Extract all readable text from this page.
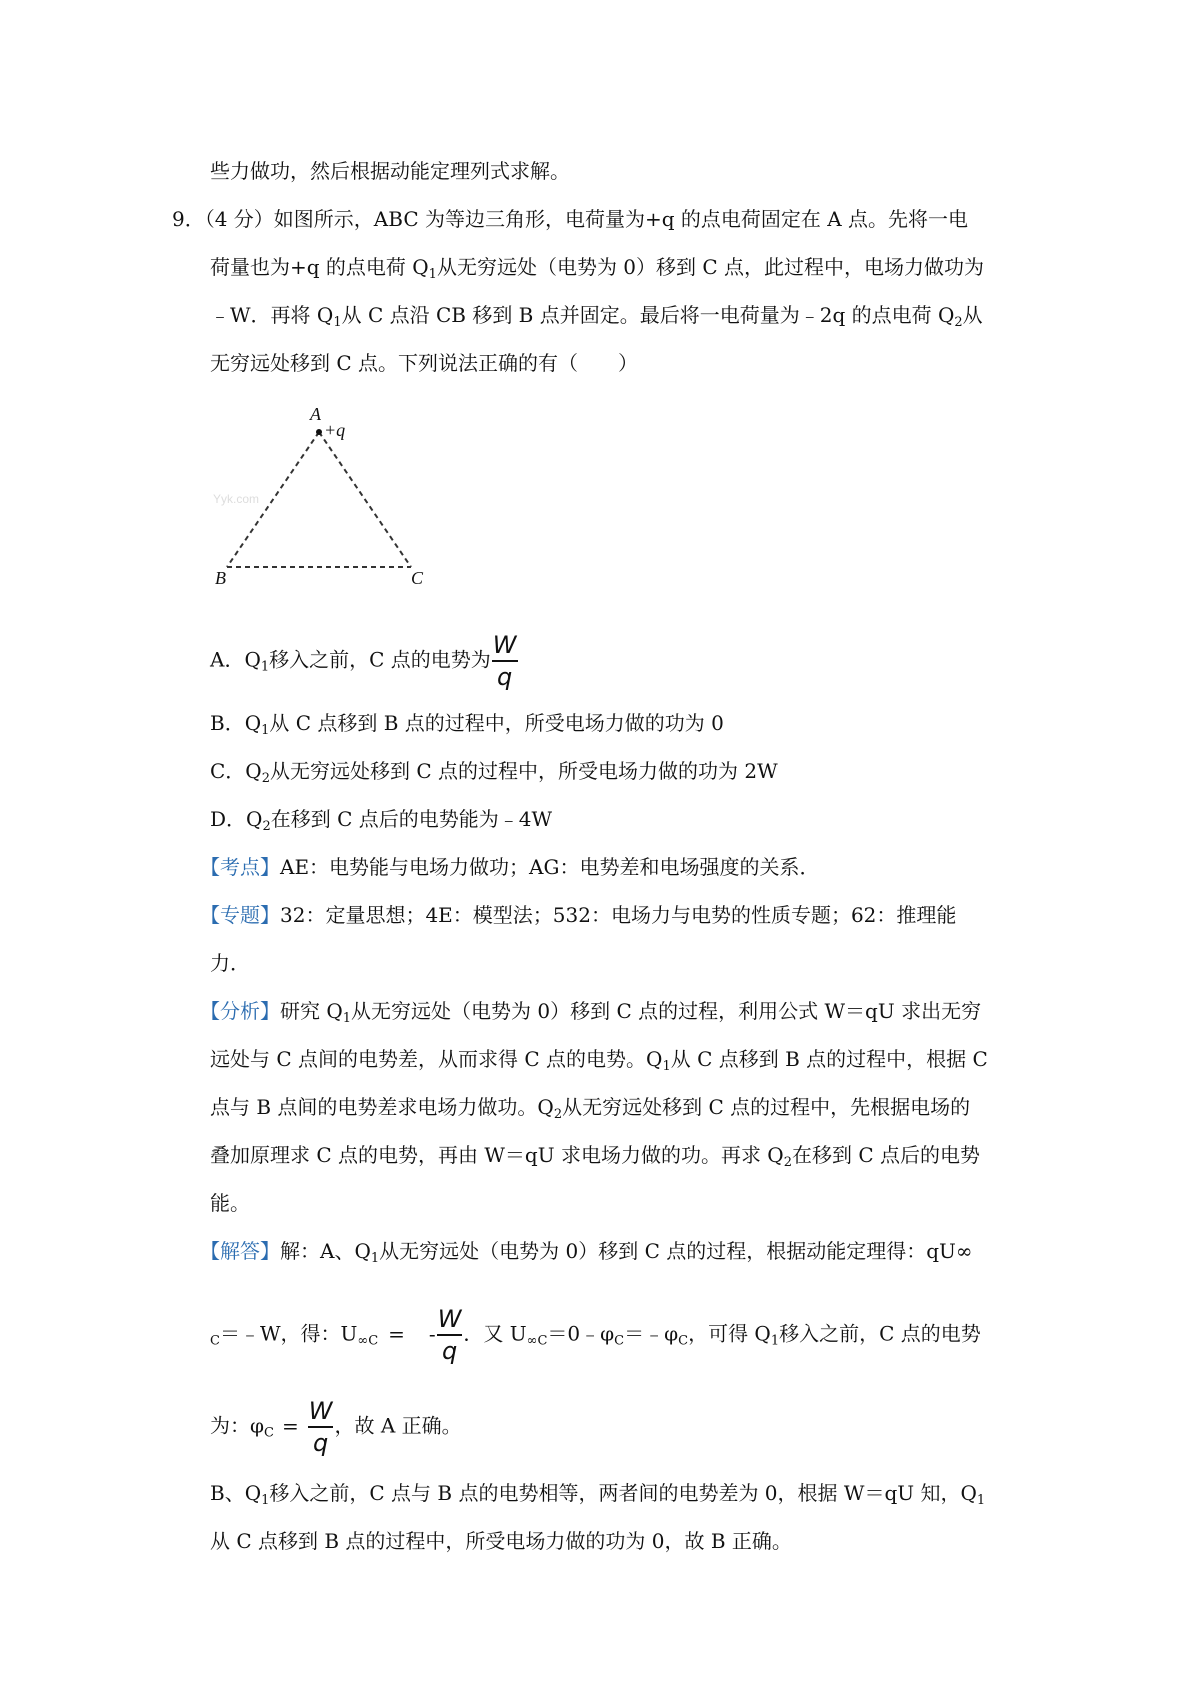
些力做功，然后根据动能定理列式求解。
9．（4 分）如图所示，ABC 为等边三角形，电荷量为+q 的点电荷固定在 A 点。先将一电
荷量也为+q 的点电荷 $Q_1$从无穷远处（电势为 0）移到 C 点，此过程中，电场力做功为
﹣W．再将 $Q_1$从 C 点沿 CB 移到 B 点并固定。最后将一电荷量为﹣2q 的点电荷 $Q_2$从
无穷远处移到 C 点。下列说法正确的有（　　）
A
+q
B	C
Yyk.com
A．$Q_1$移入之前，C 点的电势为 $\frac{W}{q}$
B．$Q_1$从 C 点移到 B 点的过程中，所受电场力做的功为 0
C．$Q_2$从无穷远处移到 C 点的过程中，所受电场力做的功为 2W
D．$Q_2$在移到 C 点后的电势能为﹣4W
【考点】AE：电势能与电场力做功；AG：电势差和电场强度的关系．
【专题】32：定量思想；4E：模型法；532：电场力与电势的性质专题；62：推理能
力．
【分析】研究 $Q_1$从无穷远处（电势为 0）移到 C 点的过程，利用公式 W＝qU 求出无穷
远处与 C 点间的电势差，从而求得 C 点的电势。$Q_1$从 C 点移到 B 点的过程中，根据 C
点与 B 点间的电势差求电场力做功。$Q_2$从无穷远处移到 C 点的过程中，先根据电场的
叠加原理求 C 点的电势，再由 W＝qU 求电场力做的功。再求 $Q_2$在移到 C 点后的电势
能。
【解答】解：A、$Q_1$从无穷远处（电势为 0）移到 C 点的过程，根据动能定理得：qU∞
$_C$＝﹣W，得：$U_{\infty C}$ = - $\frac{W}{q}$ ．又 $U_{\infty C}=0﹣\varphi_C=﹣\varphi_C$，可得 $Q_1$移入之前，C 点的电势
为：$\varphi_C = \frac{W}{q}$ ，故 A 正确。
B、$Q_1$移入之前，C 点与 B 点的电势相等，两者间的电势差为 0，根据 W＝qU 知，$Q_1$
从 C 点移到 B 点的过程中，所受电场力做的功为 0，故 B 正确。
